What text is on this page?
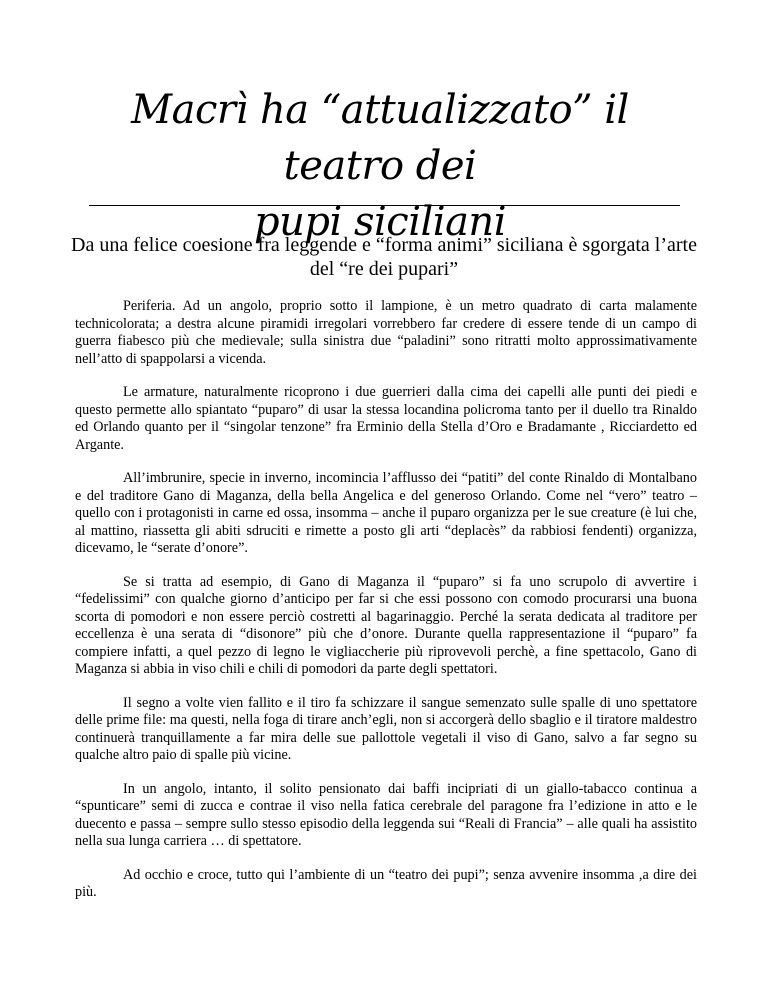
Macrì ha “attualizzato” il teatro dei
pupi siciliani

Da una felice coesione fra leggende e “forma animi” siciliana è sgorgata l’arte del “re dei pupari”

Periferia. Ad un angolo, proprio sotto il lampione, è un metro quadrato di carta malamente technicolorata; a destra alcune piramidi irregolari vorrebbero far credere di essere tende di un campo di guerra fiabesco più che medievale; sulla sinistra due “paladini” sono ritratti molto approssimativamente nell’atto di spappolarsi a vicenda.

Le armature, naturalmente ricoprono i due guerrieri dalla cima dei capelli alle punti dei piedi e questo permette allo spiantato “puparo” di usar la stessa locandina policroma tanto per il duello tra Rinaldo ed Orlando quanto per il “singolar tenzone” fra Erminio della Stella d’Oro e Bradamante , Ricciardetto ed Argante.

All’imbrunire, specie in inverno, incomincia l’afflusso dei “patiti” del conte Rinaldo di Montalbano e del traditore Gano di Maganza, della bella Angelica e del generoso Orlando. Come nel “vero” teatro – quello con i protagonisti in carne ed ossa, insomma – anche il puparo organizza per le sue creature (è lui che, al mattino, riassetta gli abiti sdruciti e rimette a posto gli arti “deplacès” da rabbiosi fendenti) organizza, dicevamo, le “serate d’onore”.

Se si tratta ad esempio, di Gano di Maganza il “puparo” si fa uno scrupolo di avvertire i “fedelissimi” con qualche giorno d’anticipo per far si che essi possono con comodo procurarsi una buona scorta di pomodori e non essere perciò costretti al bagarinaggio. Perché la serata dedicata al traditore per eccellenza è una serata di “disonore” più che d’onore. Durante quella rappresentazione il “puparo” fa compiere infatti, a quel pezzo di legno le vigliaccherie più riprovevoli perchè, a fine spettacolo, Gano di Maganza si abbia in viso chili e chili di pomodori da parte degli spettatori.

Il segno a volte vien fallito e il tiro fa schizzare il sangue semenzato sulle spalle di uno spettatore delle prime file: ma questi, nella foga di tirare anch’egli, non si accorgerà dello sbaglio e il tiratore maldestro continuerà tranquillamente a far mira delle sue pallottole vegetali il viso di Gano, salvo a far segno su qualche altro paio di spalle più vicine.

In un angolo, intanto, il solito pensionato dai baffi incipriati di un giallo-tabacco continua a “spunticare” semi di zucca e contrae il viso nella fatica cerebrale del paragone fra l’edizione in atto e le duecento e passa – sempre sullo stesso episodio della leggenda sui “Reali di Francia” – alle quali ha assistito nella sua lunga carriera … di spettatore.

Ad occhio e croce, tutto qui l’ambiente di un “teatro dei pupi”; senza avvenire insomma ,a dire dei più.
